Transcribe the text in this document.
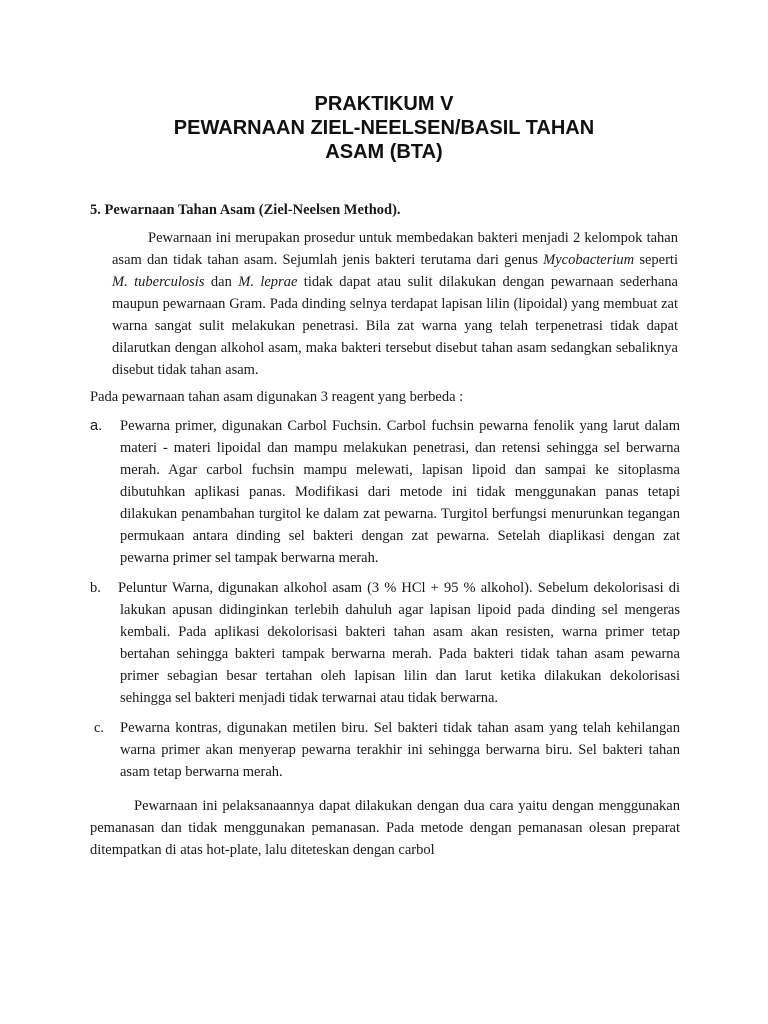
PRAKTIKUM V
PEWARNAAN ZIEL-NEELSEN/BASIL TAHAN
ASAM (BTA)
5. Pewarnaan Tahan Asam (Ziel-Neelsen Method).

Pewarnaan ini merupakan prosedur untuk membedakan bakteri menjadi 2 kelompok tahan asam dan tidak tahan asam. Sejumlah jenis bakteri terutama dari genus Mycobacterium seperti M. tuberculosis dan M. leprae tidak dapat atau sulit dilakukan dengan pewarnaan sederhana maupun pewarnaan Gram. Pada dinding selnya terdapat lapisan lilin (lipoidal) yang membuat zat warna sangat sulit melakukan penetrasi. Bila zat warna yang telah terpenetrasi tidak dapat dilarutkan dengan alkohol asam, maka bakteri tersebut disebut tahan asam sedangkan sebaliknya disebut tidak tahan asam.

Pada pewarnaan tahan asam digunakan 3 reagent yang berbeda :

a. Pewarna primer, digunakan Carbol Fuchsin. Carbol fuchsin pewarna fenolik yang larut dalam materi - materi lipoidal dan mampu melakukan penetrasi, dan retensi sehingga sel berwarna merah. Agar carbol fuchsin mampu melewati, lapisan lipoid dan sampai ke sitoplasma dibutuhkan aplikasi panas. Modifikasi dari metode ini tidak menggunakan panas tetapi dilakukan penambahan turgitol ke dalam zat pewarna. Turgitol berfungsi menurunkan tegangan permukaan antara dinding sel bakteri dengan zat pewarna. Setelah diaplikasi dengan zat pewarna primer sel tampak berwarna merah.

b. Peluntur Warna, digunakan alkohol asam (3 % HCl + 95 % alkohol). Sebelum dekolorisasi di lakukan apusan didinginkan terlebih dahuluh agar lapisan lipoid pada dinding sel mengeras kembali. Pada aplikasi dekolorisasi bakteri tahan asam akan resisten, warna primer tetap bertahan sehingga bakteri tampak berwarna merah. Pada bakteri tidak tahan asam pewarna primer sebagian besar tertahan oleh lapisan lilin dan larut ketika dilakukan dekolorisasi sehingga sel bakteri menjadi tidak terwarnai atau tidak berwarna.

c. Pewarna kontras, digunakan metilen biru. Sel bakteri tidak tahan asam yang telah kehilangan warna primer akan menyerap pewarna terakhir ini sehingga berwarna biru. Sel bakteri tahan asam tetap berwarna merah.

Pewarnaan ini pelaksanaannya dapat dilakukan dengan dua cara yaitu dengan menggunakan pemanasan dan tidak menggunakan pemanasan. Pada metode dengan pemanasan olesan preparat ditempatkan di atas hot-plate, lalu diteteskan dengan carbol
